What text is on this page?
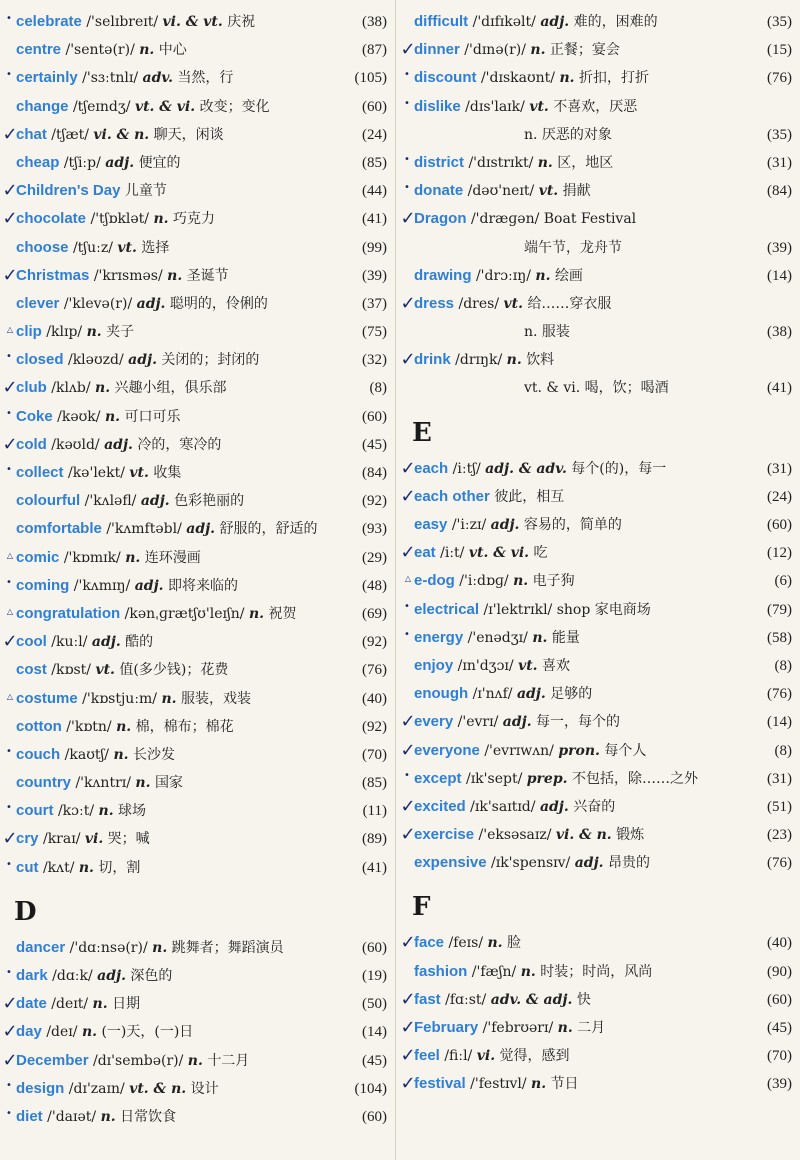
• celebrate /'selɪbreɪt/ vi. & vt. 庆祝	(38)
centre /'sentə(r)/ n. 中心	(87)
• certainly /'sɜːtnlɪ/ adv. 当然，行	(105)
change /tʃeɪndʒ/ vt. & vi. 改变；变化	(60)
✓
chat /tʃæt/ vi. & n. 聊天，闲谈	(24)
cheap /tʃiːp/ adj. 便宜的	(85)
✓
Children's Day 儿童节	(44)
✓
chocolate /'tʃɒklət/ n. 巧克力	(41)
choose /tʃuːz/ vt. 选择	(99)
✓
Christmas /'krɪsməs/ n. 圣诞节	(39)
clever /'klevə(r)/ adj. 聪明的，伶俐的	(37)
△ clip /klɪp/ n. 夹子	(75)
• closed /kləʊzd/ adj. 关闭的；封闭的	(32)
✓
club /klʌb/ n. 兴趣小组，俱乐部	(8)
• Coke /kəʊk/ n. 可口可乐	(60)
✓
cold /kəʊld/ adj. 冷的，寒冷的	(45)
• collect /kə'lekt/ vt. 收集	(84)
colourful /'kʌləfl/ adj. 色彩艳丽的	(92)
comfortable /'kʌmftəbl/ adj. 舒服的，舒适的	(93)
△ comic /'kɒmɪk/ n. 连环漫画	(29)
• coming /'kʌmɪŋ/ adj. 即将来临的	(48)
△ congratulation /kənˌɡrætʃʊ'leɪʃn/ n. 祝贺	(69)
✓
cool /kuːl/ adj. 酷的	(92)
cost /kɒst/ vt. 值(多少钱)；花费	(76)
△ costume /'kɒstjuːm/ n. 服装，戏装	(40)
cotton /'kɒtn/ n. 棉，棉布；棉花	(92)
• couch /kaʊtʃ/ n. 长沙发	(70)
country /'kʌntrɪ/ n. 国家	(85)
• court /kɔːt/ n. 球场	(11)
✓
cry /kraɪ/ vi. 哭；喊	(89)
• cut /kʌt/ n. 切，割	(41)
D
dancer /'dɑːnsə(r)/ n. 跳舞者；舞蹈演员	(60)
• dark /dɑːk/ adj. 深色的	(19)
✓
date /deɪt/ n. 日期	(50)
✓
day /deɪ/ n. (一)天，(一)日	(14)
✓
December /dɪ'sembə(r)/ n. 十二月	(45)
• design /dɪ'zaɪn/ vt. & n. 设计	(104)
• diet /'daɪət/ n. 日常饮食	(60)
difficult /'dɪfɪkəlt/ adj. 难的，困难的	(35)
✓
dinner /'dɪnə(r)/ n. 正餐；宴会	(15)
• discount /'dɪskaʊnt/ n. 折扣，打折	(76)
• dislike /dɪs'laɪk/ vt. 不喜欢，厌恶
n. 厌恶的对象	(35)
• district /'dɪstrɪkt/ n. 区，地区	(31)
• donate /dəʊ'neɪt/ vt. 捐献	(84)
✓
Dragon /'dræɡən/ Boat Festival
端午节，龙舟节	(39)
drawing /'drɔːɪŋ/ n. 绘画	(14)
✓
dress /dres/ vt. 给……穿衣服
n. 服装	(38)
✓
drink /drɪŋk/ n. 饮料
vt. & vi. 喝，饮；喝酒	(41)
E
✓
each /iːtʃ/ adj. & adv. 每个(的)，每一	(31)
✓
each other 彼此，相互	(24)
easy /'iːzɪ/ adj. 容易的，简单的	(60)
✓
eat /iːt/ vt. & vi. 吃	(12)
△ e-dog /'iːdɒɡ/ n. 电子狗	(6)
• electrical /ɪ'lektrɪkl/ shop 家电商场	(79)
• energy /'enədʒɪ/ n. 能量	(58)
enjoy /ɪn'dʒɔɪ/ vt. 喜欢	(8)
enough /ɪ'nʌf/ adj. 足够的	(76)
✓
every /'evrɪ/ adj. 每一，每个的	(14)
✓
everyone /'evrɪwʌn/ pron. 每个人	(8)
• except /ɪk'sept/ prep. 不包括，除……之外	(31)
✓
excited /ɪk'saɪtɪd/ adj. 兴奋的	(51)
✓
exercise /'eksəsaɪz/ vi. & n. 锻炼	(23)
expensive /ɪk'spensɪv/ adj. 昂贵的	(76)
F
✓
face /feɪs/ n. 脸	(40)
fashion /'fæʃn/ n. 时装；时尚，风尚	(90)
✓
fast /fɑːst/ adv. & adj. 快	(60)
✓
February /'febrʊərɪ/ n. 二月	(45)
✓
feel /fiːl/ vi. 觉得，感到	(70)
✓
festival /'festɪvl/ n. 节日	(39)
